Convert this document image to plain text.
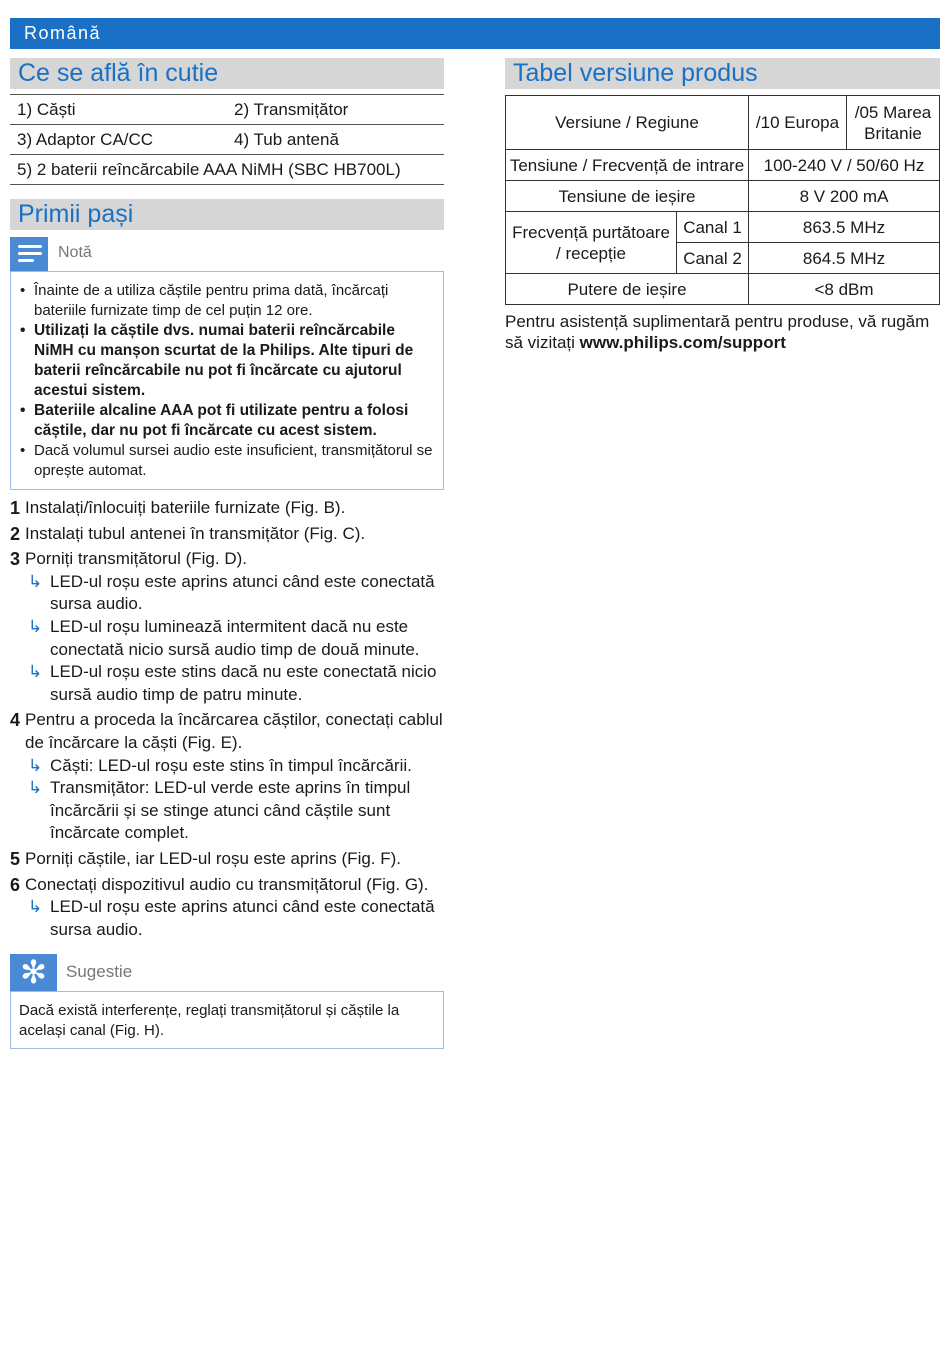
Română
Ce se află în cutie
1) Căști	2) Transmițător
3) Adaptor CA/CC	4) Tub antenă
5) 2 baterii reîncărcabile AAA NiMH (SBC HB700L)	
Primii pași
Notă
• Înainte de a utiliza căștile pentru prima dată, încărcați bateriile furnizate timp de cel puțin 12 ore.
• Utilizați la căștile dvs. numai baterii reîncărcabile NiMH cu manșon scurtat de la Philips. Alte tipuri de baterii reîncărcabile nu pot fi încărcate cu ajutorul acestui sistem.
• Bateriile alcaline AAA pot fi utilizate pentru a folosi căștile, dar nu pot fi încărcate cu acest sistem.
• Dacă volumul sursei audio este insuficient, transmițătorul se oprește automat.
1 Instalați/înlocuiți bateriile furnizate (Fig. B).
2 Instalați tubul antenei în transmițător (Fig. C).
3 Porniți transmițătorul (Fig. D).
↳ LED-ul roșu este aprins atunci când este conectată sursa audio.
↳ LED-ul roșu luminează intermitent dacă nu este conectată nicio sursă audio timp de două minute.
↳ LED-ul roșu este stins dacă nu este conectată nicio sursă audio timp de patru minute.
4 Pentru a proceda la încărcarea căștilor, conectați cablul de încărcare la căști (Fig. E).
↳ Căști: LED-ul roșu este stins în timpul încărcării.
↳ Transmițător: LED-ul verde este aprins în timpul încărcării și se stinge atunci când căștile sunt încărcate complet.
5 Porniți căștile, iar LED-ul roșu este aprins (Fig. F).
6 Conectați dispozitivul audio cu transmițătorul (Fig. G).
↳ LED-ul roșu este aprins atunci când este conectată sursa audio.
✻	Sugestie
Dacă există interferențe, reglați transmițătorul și căștile la același canal (Fig. H).
Tabel versiune produs
Versiune / Regiune		/10 Europa	/05 Marea Britanie
Tensiune / Frecvență de intrare		100-240 V / 50/60 Hz	
Tensiune de ieșire		8 V 200 mA	
Frecvență purtătoare / recepție	Canal 1	863.5 MHz	
	Canal 2	864.5 MHz	
Putere de ieșire		<8 dBm	
Pentru asistență suplimentară pentru produse, vă rugăm să vizitați www.philips.com/support
